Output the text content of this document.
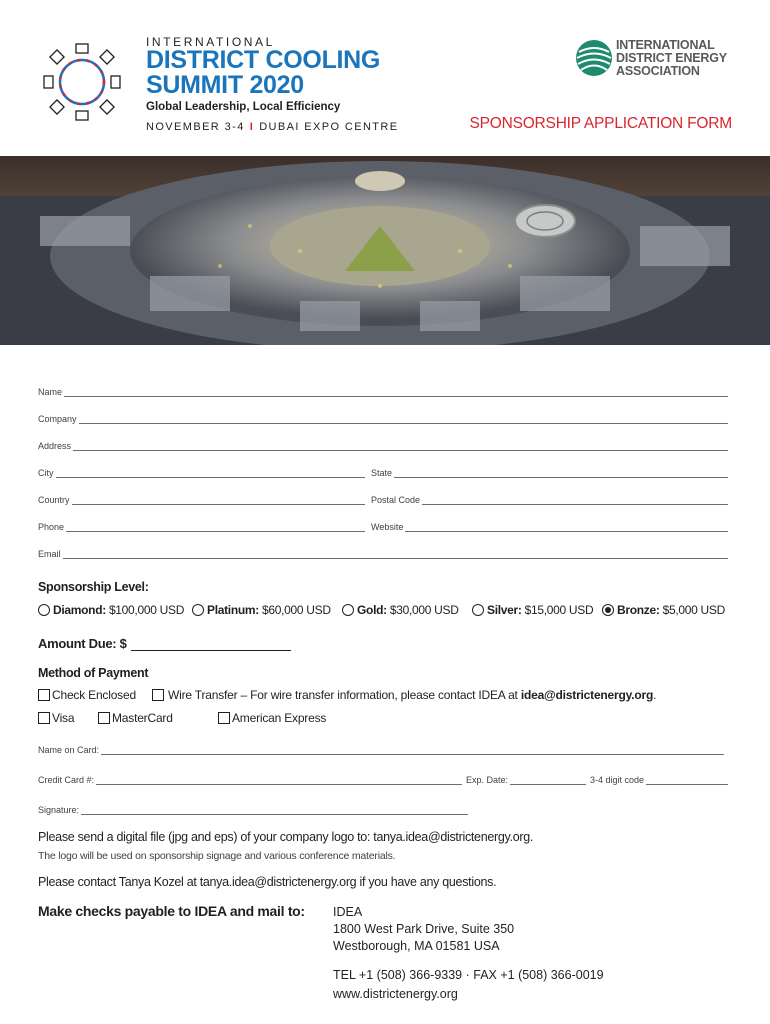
INTERNATIONAL
DISTRICT COOLING
SUMMIT 2020
Global Leadership, Local Efficiency
NOVEMBER 3-4 I DUBAI EXPO CENTRE
INTERNATIONAL
DISTRICT ENERGY
ASSOCIATION
SPONSORSHIP APPLICATION FORM
Name
Company
Address
City	State
Country	Postal Code
Phone	Website
Email
Sponsorship Level:
Diamond: $100,000 USD Platinum: $60,000 USD Gold: $30,000 USD Silver: $15,000 USD Bronze: $5,000 USD
Amount Due: $
Method of Payment
Check Enclosed	Wire Transfer – For wire transfer information, please contact IDEA at idea@districtenergy.org .
Visa	MasterCard	American Express
Name on Card:
Credit Card #:	Exp. Date:	3-4 digit code
Signature:
Please send a digital file (jpg and eps) of your company logo to: tanya.idea@districtenergy.org.
The logo will be used on sponsorship signage and various conference materials.
Please contact Tanya Kozel at tanya.idea@districtenergy.org if you have any questions.
Make checks payable to IDEA and mail to: IDEA
1800 West Park Drive, Suite 350
Westborough, MA 01581 USA
TEL +1 (508) 366-9339 · FAX +1 (508) 366-0019
www.districtenergy.org
